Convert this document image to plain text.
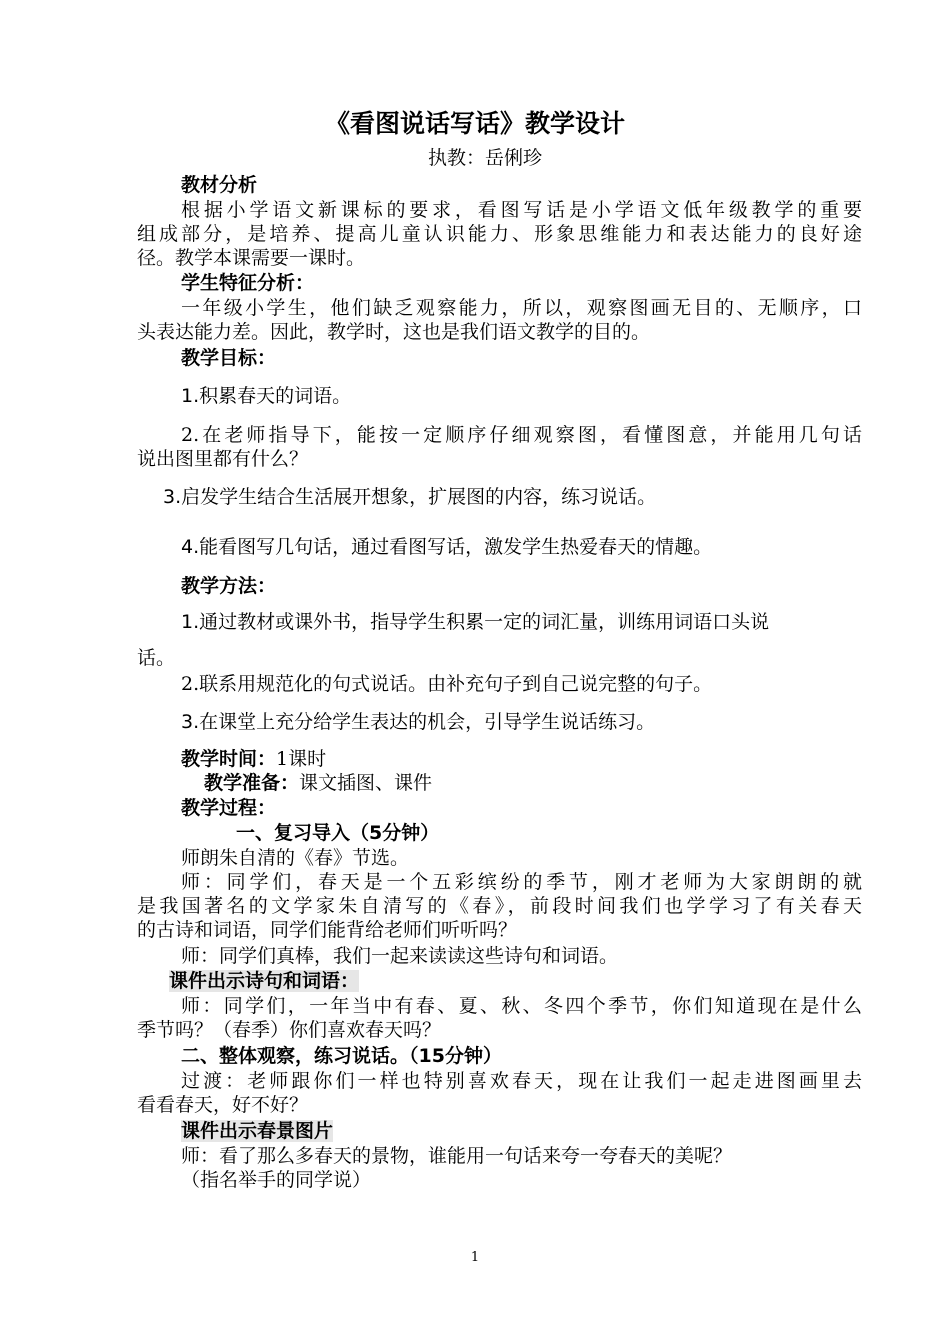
《看图说话写话》教学设计
执教：岳俐珍
教材分析
根据小学语文新课标的要求，看图写话是小学语文低年级教学的重要
组成部分，是培养、提高儿童认识能力、形象思维能力和表达能力的良好途
径。教学本课需要一课时。
学生特征分析：
一年级小学生，他们缺乏观察能力，所以，观察图画无目的、无顺序，口
头表达能力差。因此，教学时，这也是我们语文教学的目的。
教学目标：
1.积累春天的词语。
2.在老师指导下，能按一定顺序仔细观察图，看懂图意，并能用几句话
说出图里都有什么？
3.启发学生结合生活展开想象，扩展图的内容，练习说话。
4.能看图写几句话，通过看图写话，激发学生热爱春天的情趣。
教学方法：
1.通过教材或课外书，指导学生积累一定的词汇量，训练用词语口头说
话。
2.联系用规范化的句式说话。由补充句子到自己说完整的句子。
3.在课堂上充分给学生表达的机会，引导学生说话练习。
教学时间：1课时
教学准备：课文插图、课件
教学过程：
一、复习导入（5分钟）
师朗朱自清的《春》节选。
师：同学们，春天是一个五彩缤纷的季节，刚才老师为大家朗朗的就
是我国著名的文学家朱自清写的《春》，前段时间我们也学学习了有关春天
的古诗和词语，同学们能背给老师们听听吗？
师：同学们真棒，我们一起来读读这些诗句和词语。
课件出示诗句和词语：
师：同学们，一年当中有春、夏、秋、冬四个季节，你们知道现在是什么
季节吗？（春季）你们喜欢春天吗？
二、整体观察，练习说话。（15分钟）
过渡：老师跟你们一样也特别喜欢春天，现在让我们一起走进图画里去
看看春天，好不好？
课件出示春景图片
师：看了那么多春天的景物，谁能用一句话来夸一夸春天的美呢？
（指名举手的同学说）
1
